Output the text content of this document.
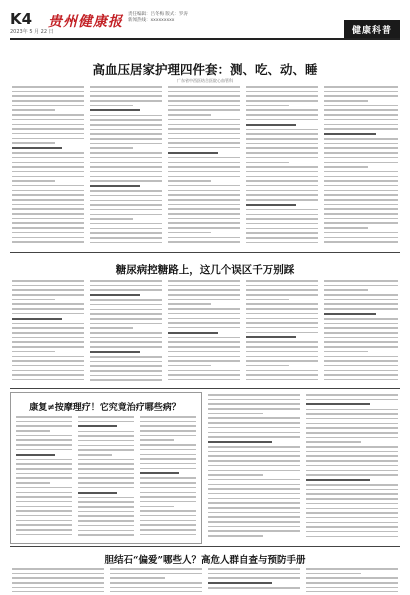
K4
2023年 5 月 22 日
贵州健康报 责任编辑：吕冬梅 版式：罗涛
新闻热线：xxxxxxxxx
健康科普
高血压居家护理四件套：测、吃、动、睡
广东省中西医结合医院心血管科
糖尿病控糖路上，这几个误区千万别踩
康复≠按摩理疗！它究竟治疗哪些病？
胆结石“偏爱”哪些人？高危人群自查与预防手册
